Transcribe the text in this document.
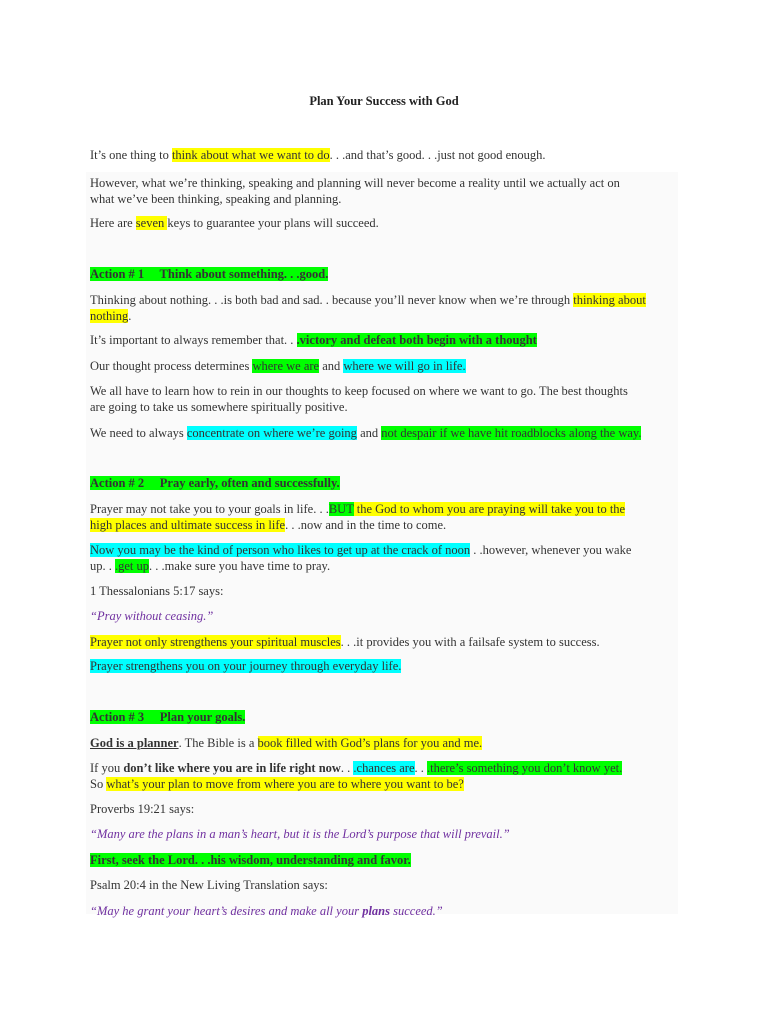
Plan Your Success with God

It’s one thing to think about what we want to do. . .and that’s good. . .just not good enough.

However, what we’re thinking, speaking and planning will never become a reality until we actually act on

what we’ve been thinking, speaking and planning.

Here are seven keys to guarantee your plans will succeed.

Action # 1     Think about something. . .good.

Thinking about nothing. . .is both bad and sad. . because you’ll never know when we’re through thinking about

nothing.

It’s important to always remember that. . .victory and defeat both begin with a thought

Our thought process determines where we are and where we will go in life.

We all have to learn how to rein in our thoughts to keep focused on where we want to go. The best thoughts

are going to take us somewhere spiritually positive.

We need to always concentrate on where we’re going and not despair if we have hit roadblocks along the way.

Action # 2     Pray early, often and successfully.

Prayer may not take you to your goals in life. . .BUT the God to whom you are praying will take you to the

high places and ultimate success in life. . .now and in the time to come.

Now you may be the kind of person who likes to get up at the crack of noon . .however, whenever you wake

up. . .get up. . .make sure you have time to pray.

1 Thessalonians 5:17 says:

“Pray without ceasing.”

Prayer not only strengthens your spiritual muscles. . .it provides you with a failsafe system to success.

Prayer strengthens you on your journey through everyday life.

Action # 3     Plan your goals.

God is a planner. The Bible is a book filled with God’s plans for you and me.

If you don’t like where you are in life right now. . .chances are. . .there’s something you don’t know yet.

So what’s your plan to move from where you are to where you want to be?

Proverbs 19:21 says:

“Many are the plans in a man’s heart, but it is the Lord’s purpose that will prevail.”

First, seek the Lord. . .his wisdom, understanding and favor.

Psalm 20:4 in the New Living Translation says:

“May he grant your heart’s desires and make all your plans succeed.”
